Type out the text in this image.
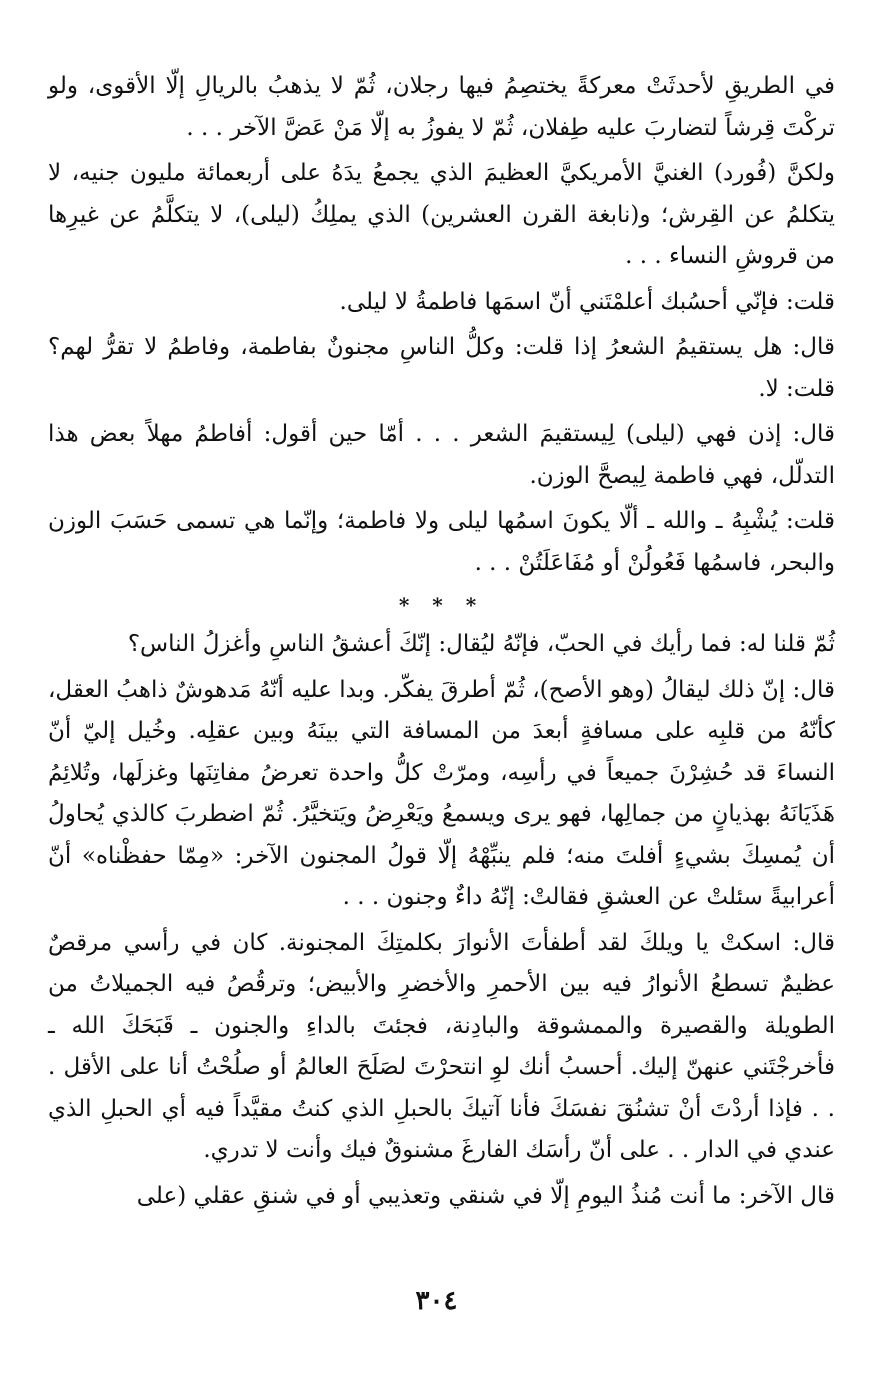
في الطريقِ لأحدثَتْ معركةً يختصِمُ فيها رجلان، ثُمّ لا يذهبُ بالريالِ إلّا الأقوى، ولو تركْتَ قِرشاً لتضاربَ عليه طِفلان، ثُمّ لا يفوزُ به إلّا مَنْ عَضَّ الآخر . . .

ولكنَّ (فُورد) الغنيَّ الأمريكيَّ العظيمَ الذي يجمعُ يدَهُ على أربعمائة مليون جنيه، لا يتكلمُ عن القِرش؛ و(نابغة القرن العشرين) الذي يملِكُ (ليلى)، لا يتكلَّمُ عن غيرِها من قروشِ النساء . . .

قلت: فإنّي أحسُبك أعلمْتَني أنّ اسمَها فاطمةُ لا ليلى.

قال: هل يستقيمُ الشعرُ إذا قلت: وكلُّ الناسِ مجنونٌ بفاطمة، وفاطمُ لا تقرُّ لهم؟ قلت: لا.

قال: إذن فهي (ليلى) لِيستقيمَ الشعر . . . أمّا حين أقول: أفاطمُ مهلاً بعض هذا التدلّل، فهي فاطمة لِيصحَّ الوزن.

قلت: يُشْبِهُ ـ والله ـ ألّا يكونَ اسمُها ليلى ولا فاطمة؛ وإنّما هي تسمى حَسَبَ الوزن والبحر، فاسمُها فَعُولُنْ أو مُفَاعَلَتُنْ . . .

* * *

ثُمّ قلنا له: فما رأيك في الحبّ، فإنّهُ ليُقال: إنّكَ أعشقُ الناسِ وأغزلُ الناس؟

قال: إنّ ذلك ليقالُ (وهو الأصح)، ثُمّ أطرقَ يفكّر. وبدا عليه أنّهُ مَدهوشٌ ذاهبُ العقل، كأنّهُ من قلبِه على مسافةٍ أبعدَ من المسافة التي بينَهُ وبين عقلِه. وخُيل إليّ أنّ النساءَ قد حُشِرْنَ جميعاً في رأسِه، ومرّتْ كلُّ واحدة تعرضُ مفاتِنَها وغزلَها، وتُلائِمُ هَذَيَانَهُ بهذيانٍ من جمالِها، فهو يرى ويسمعُ ويَعْرِضُ ويَتخيَّرُ. ثُمّ اضطربَ كالذي يُحاولُ أن يُمسِكَ بشيءٍ أفلتَ منه؛ فلم ينبِّهْهُ إلّا قولُ المجنون الآخر: «مِمّا حفظْناه» أنّ أعرابيةً سئلتْ عن العشقِ فقالتْ: إنّهُ داءٌ وجنون . . .

قال: اسكتْ يا ويلكَ لقد أطفأتَ الأنوارَ بكلمتِكَ المجنونة. كان في رأسي مرقصٌ عظيمٌ تسطعُ الأنوارُ فيه بين الأحمرِ والأخضرِ والأبيض؛ وترقُصُ فيه الجميلاتُ من الطويلة والقصيرة والممشوقة والبادِنة، فجئتَ بالداءِ والجنون ـ قَبَحَكَ الله ـ فأخرجْتَني عنهنّ إليك. أحسبُ أنك لوِ انتحرْتَ لصَلَحَ العالمُ أو صلُحْتُ أنا على الأقل . . . فإذا أردْتَ أنْ تشنُقَ نفسَكَ فأنا آتيكَ بالحبلِ الذي كنتُ مقيَّداً فيه أي الحبلِ الذي عندي في الدار . . على أنّ رأسَك الفارغَ مشنوقٌ فيك وأنت لا تدري.

قال الآخر: ما أنت مُنذُ اليومِ إلّا في شنقي وتعذيبي أو في شنقِ عقلي (على

٣٠٤
